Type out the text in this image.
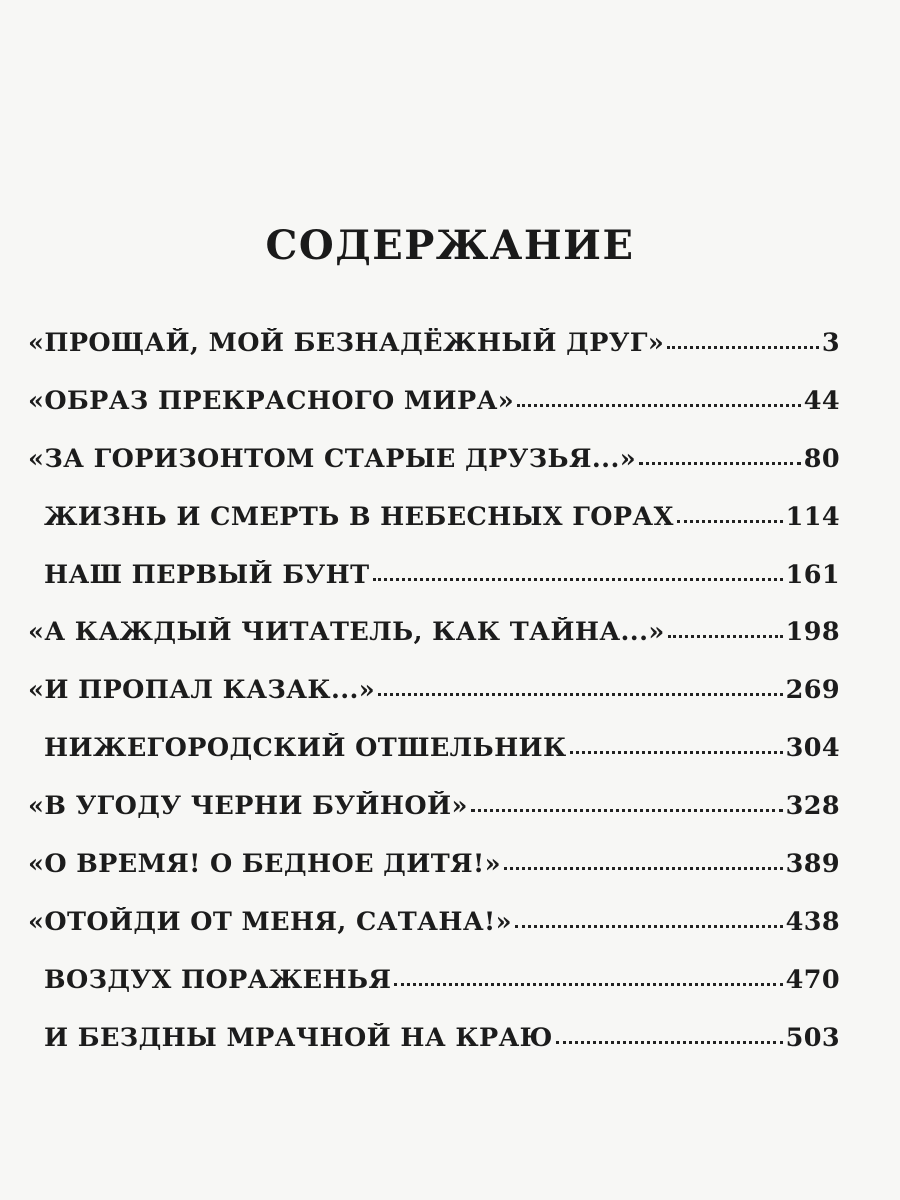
СОДЕРЖАНИЕ
«ПРОЩАЙ, МОЙ БЕЗНАДЁЖНЫЙ ДРУГ»	3
«ОБРАЗ ПРЕКРАСНОГО МИРА»	44
«ЗА ГОРИЗОНТОМ СТАРЫЕ ДРУЗЬЯ...»	80
ЖИЗНЬ И СМЕРТЬ В НЕБЕСНЫХ ГОРАХ	114
НАШ ПЕРВЫЙ БУНТ	161
«А КАЖДЫЙ ЧИТАТЕЛЬ, КАК ТАЙНА...»	198
«И ПРОПАЛ КАЗАК...»	269
НИЖЕГОРОДСКИЙ ОТШЕЛЬНИК	304
«В УГОДУ ЧЕРНИ БУЙНОЙ»	328
«О ВРЕМЯ! О БЕДНОЕ ДИТЯ!»	389
«ОТОЙДИ ОТ МЕНЯ, САТАНА!»	438
ВОЗДУХ ПОРАЖЕНЬЯ	470
И БЕЗДНЫ МРАЧНОЙ НА КРАЮ	503
